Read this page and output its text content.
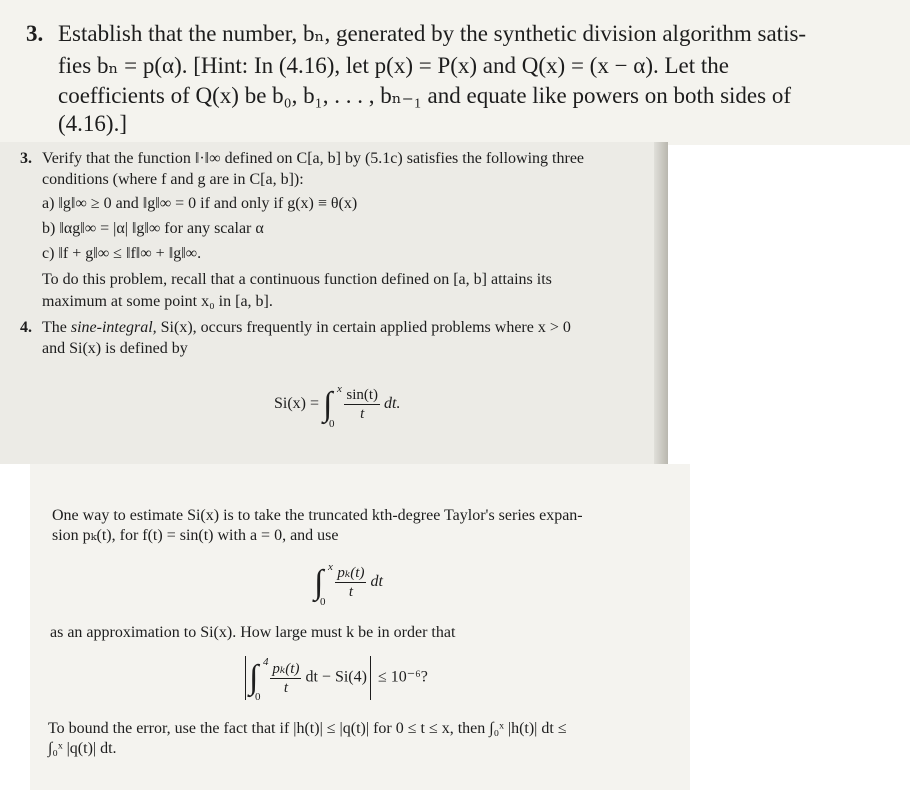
3. Establish that the number, bₙ, generated by the synthetic division algorithm satis-

fies bₙ = p(α). [Hint: In (4.16), let p(x) = P(x) and Q(x) = (x − α). Let the

coefficients of Q(x) be b₀, b₁, . . . , bₙ₋₁ and equate like powers on both sides of

(4.16).]

3. Verify that the function ‖·‖∞ defined on C[a, b] by (5.1c) satisfies the following three

conditions (where f and g are in C[a, b]):

a) ‖g‖∞ ≥ 0 and ‖g‖∞ = 0 if and only if g(x) ≡ θ(x)

b) ‖αg‖∞ = |α| ‖g‖∞ for any scalar α

c) ‖f + g‖∞ ≤ ‖f‖∞ + ‖g‖∞.

To do this problem, recall that a continuous function defined on [a, b] attains its

maximum at some point x₀ in [a, b].

4. The sine-integral, Si(x), occurs frequently in certain applied problems where x > 0

and Si(x) is defined by

Si(x) = ∫ x
0

$\frac{\sin(t)}{t}$ dt.

One way to estimate Si(x) is to take the truncated kth-degree Taylor's series expan-

sion pₖ(t), for f(t) = sin(t) with a = 0, and use

∫ x
0

$\frac{\text{pₖ(t)}}{t}$ dt

as an approximation to Si(x). How large must k be in order that

∫ 4
0

$\frac{\text{pₖ(t)}}{t}$ dt − Si(4) ≤ 10⁻⁶?

To bound the error, use the fact that if |h(t)| ≤ |q(t)| for 0 ≤ t ≤ x, then ∫₀ˣ |h(t)| dt ≤

∫₀ˣ |q(t)| dt.
